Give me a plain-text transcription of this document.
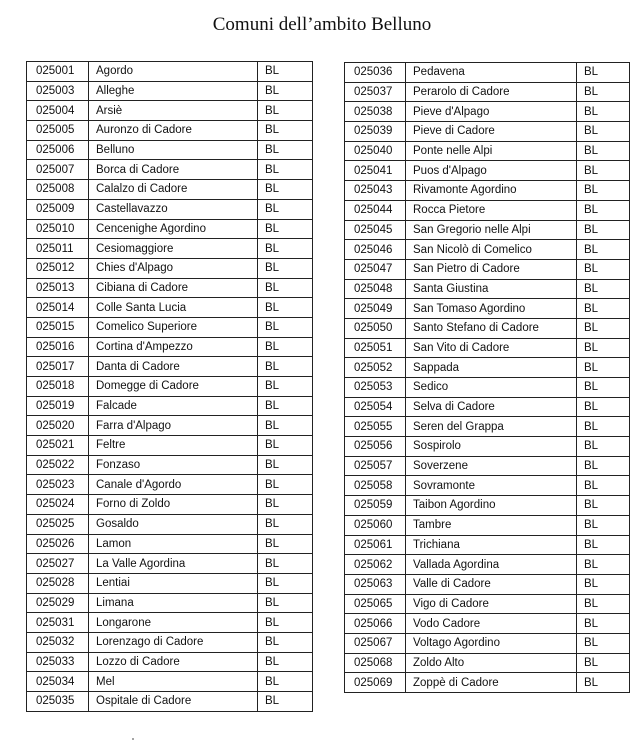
Comuni dell’ambito Belluno
025001	Agordo	BL
025003	Alleghe	BL
025004	Arsiè	BL
025005	Auronzo di Cadore	BL
025006	Belluno	BL
025007	Borca di Cadore	BL
025008	Calalzo di Cadore	BL
025009	Castellavazzo	BL
025010	Cencenighe Agordino	BL
025011	Cesiomaggiore	BL
025012	Chies d'Alpago	BL
025013	Cibiana di Cadore	BL
025014	Colle Santa Lucia	BL
025015	Comelico Superiore	BL
025016	Cortina d'Ampezzo	BL
025017	Danta di Cadore	BL
025018	Domegge di Cadore	BL
025019	Falcade	BL
025020	Farra d'Alpago	BL
025021	Feltre	BL
025022	Fonzaso	BL
025023	Canale d'Agordo	BL
025024	Forno di Zoldo	BL
025025	Gosaldo	BL
025026	Lamon	BL
025027	La Valle Agordina	BL
025028	Lentiai	BL
025029	Limana	BL
025031	Longarone	BL
025032	Lorenzago di Cadore	BL
025033	Lozzo di Cadore	BL
025034	Mel	BL
025035	Ospitale di Cadore	BL
025036	Pedavena	BL
025037	Perarolo di Cadore	BL
025038	Pieve d'Alpago	BL
025039	Pieve di Cadore	BL
025040	Ponte nelle Alpi	BL
025041	Puos d'Alpago	BL
025043	Rivamonte Agordino	BL
025044	Rocca Pietore	BL
025045	San Gregorio nelle Alpi	BL
025046	San Nicolò di Comelico	BL
025047	San Pietro di Cadore	BL
025048	Santa Giustina	BL
025049	San Tomaso Agordino	BL
025050	Santo Stefano di Cadore	BL
025051	San Vito di Cadore	BL
025052	Sappada	BL
025053	Sedico	BL
025054	Selva di Cadore	BL
025055	Seren del Grappa	BL
025056	Sospirolo	BL
025057	Soverzene	BL
025058	Sovramonte	BL
025059	Taibon Agordino	BL
025060	Tambre	BL
025061	Trichiana	BL
025062	Vallada Agordina	BL
025063	Valle di Cadore	BL
025065	Vigo di Cadore	BL
025066	Vodo Cadore	BL
025067	Voltago Agordino	BL
025068	Zoldo Alto	BL
025069	Zoppè di Cadore	BL
